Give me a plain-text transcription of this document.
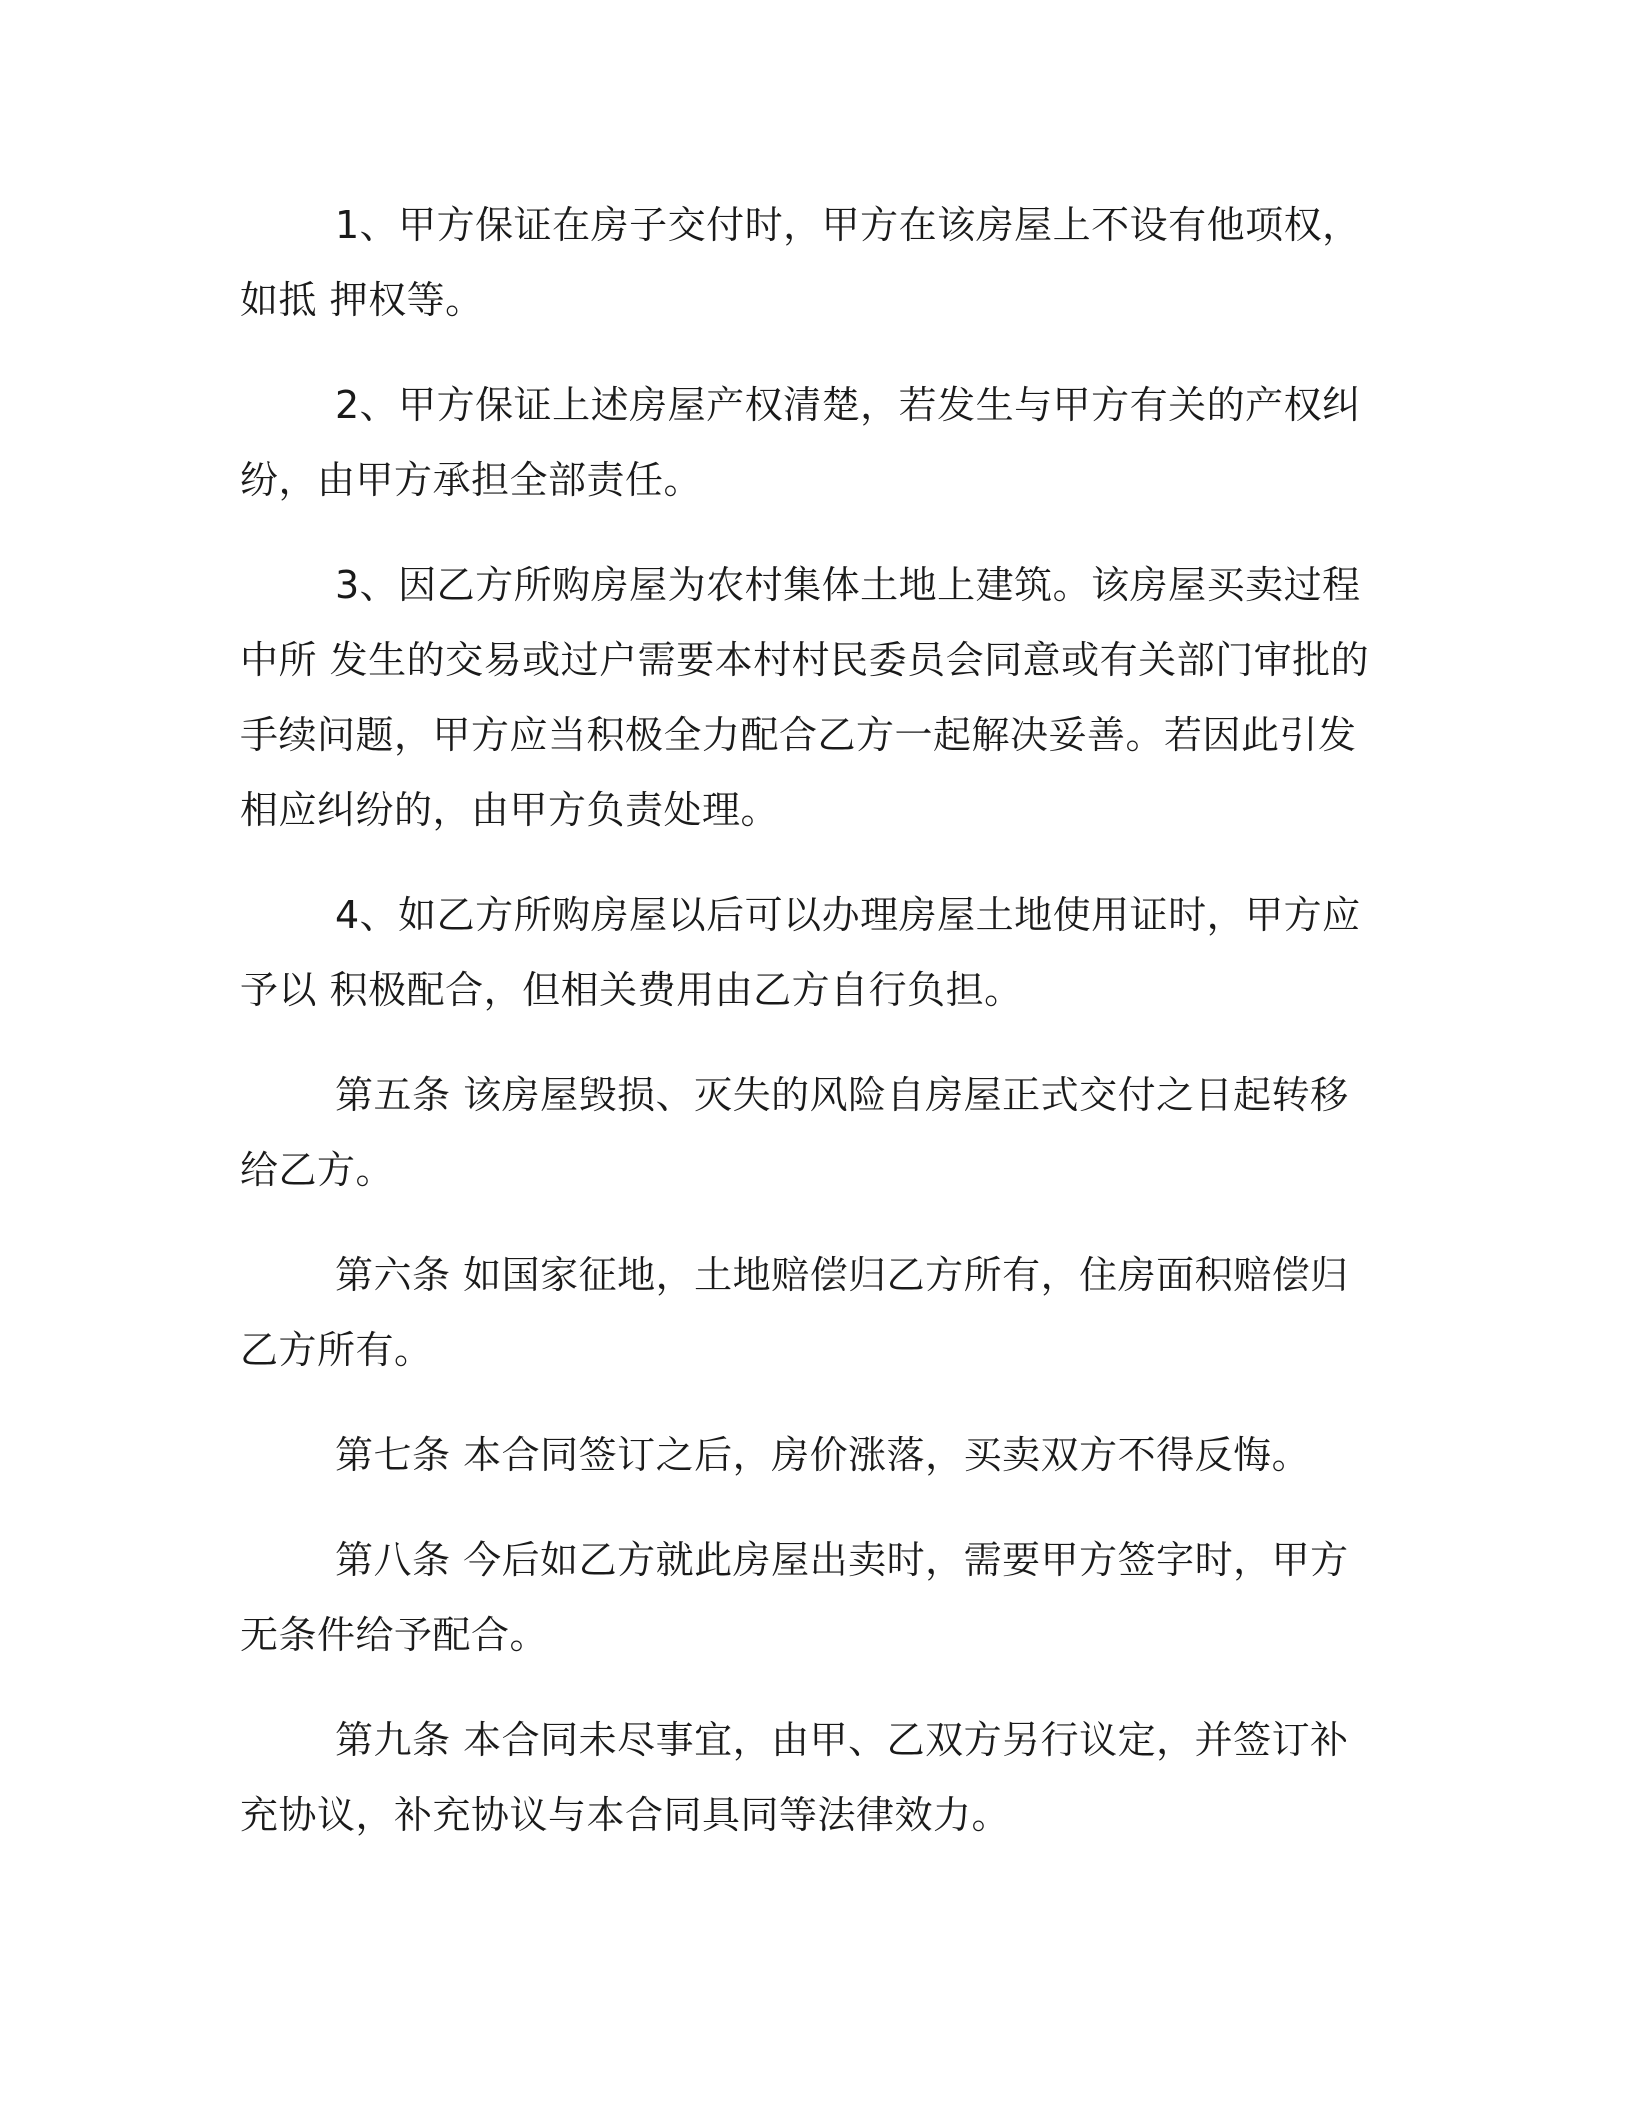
1、甲方保证在房子交付时，甲方在该房屋上不设有他项权，如抵 押权等。

2、甲方保证上述房屋产权清楚，若发生与甲方有关的产权纠纷，由甲方承担全部责任。

3、因乙方所购房屋为农村集体土地上建筑。该房屋买卖过程中所 发生的交易或过户需要本村村民委员会同意或有关部门审批的手续问题，甲方应当积极全力配合乙方一起解决妥善。若因此引发相应纠纷的，由甲方负责处理。

4、如乙方所购房屋以后可以办理房屋土地使用证时，甲方应予以 积极配合，但相关费用由乙方自行负担。

第五条 该房屋毁损、灭失的风险自房屋正式交付之日起转移给乙方。

第六条 如国家征地，土地赔偿归乙方所有，住房面积赔偿归乙方所有。

第七条 本合同签订之后，房价涨落，买卖双方不得反悔。

第八条 今后如乙方就此房屋出卖时，需要甲方签字时，甲方 无条件给予配合。

第九条 本合同未尽事宜，由甲、乙双方另行议定，并签订补充协议，补充协议与本合同具同等法律效力。
